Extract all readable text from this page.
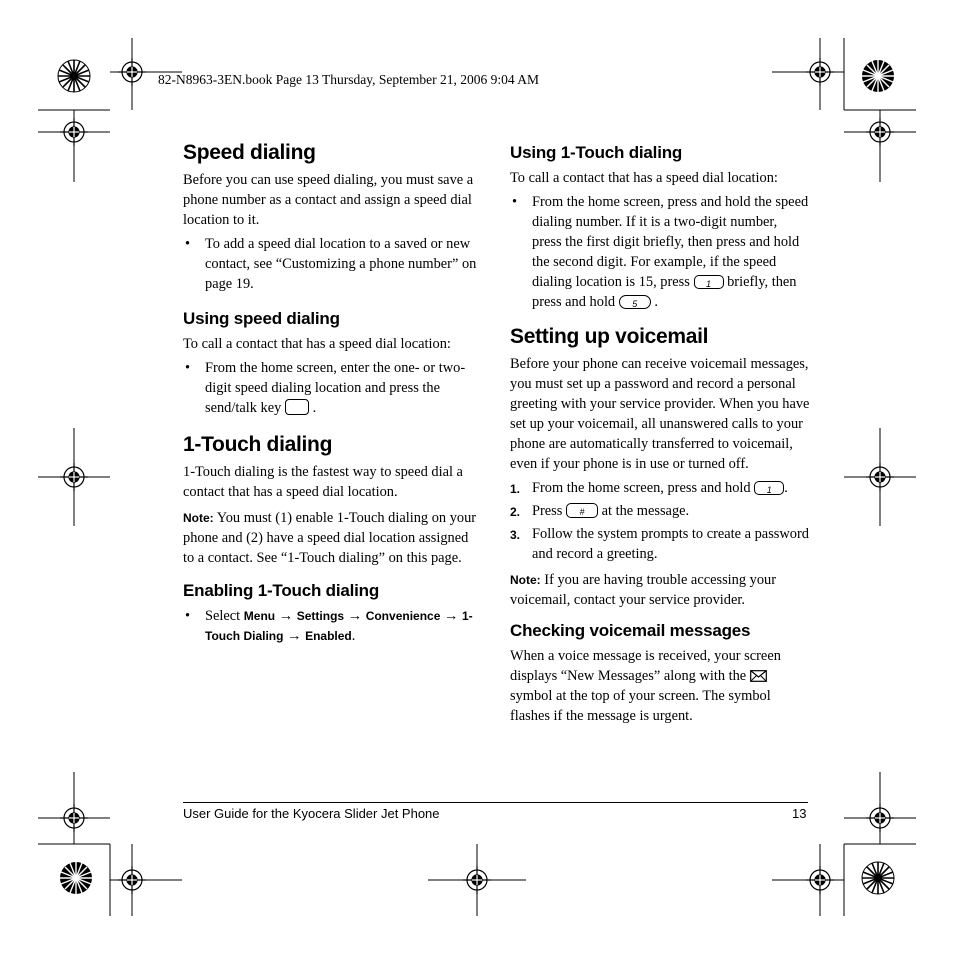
82-N8963-3EN.book Page 13 Thursday, September 21, 2006 9:04 AM
Speed dialing

Before you can use speed dialing, you must save a phone number as a contact and assign a speed dial location to it.

• To add a speed dial location to a saved or new contact, see “Customizing a phone number” on page 19.
Using speed dialing

To call a contact that has a speed dial location:

• From the home screen, enter the one- or two-digit speed dialing location and press the send/talk key .
1-Touch dialing

1-Touch dialing is the fastest way to speed dial a contact that has a speed dial location.

Note: You must (1) enable 1-Touch dialing on your phone and (2) have a speed dial location assigned to a contact. See “1-Touch dialing” on this page.

Enabling 1-Touch dialing
• Select Menu → Settings → Convenience → 1-Touch Dialing → Enabled.
Using 1-Touch dialing

To call a contact that has a speed dial location:

• From the home screen, press and hold the speed dialing number. If it is a two-digit number, press the first digit briefly, then press and hold the second digit. For example, if the speed dialing location is 15, press	1	briefly, then press and hold	5	.
Setting up voicemail

Before your phone can receive voicemail messages, you must set up a password and record a personal greeting with your service provider. When you have set up your voicemail, all unanswered calls to your phone are automatically transferred to voicemail, even if your phone is in use or turned off.

1. From the home screen, press and hold	1 .
2. Press	#	at the message.
3. Follow the system prompts to create a password and record a greeting.

Note: If you are having trouble accessing your voicemail, contact your service provider.

Checking voicemail messages

When a voice message is received, your screen displays “New Messages” along with the  symbol at the top of your screen. The symbol flashes if the message is urgent.

User Guide for the Kyocera Slider Jet Phone	13
